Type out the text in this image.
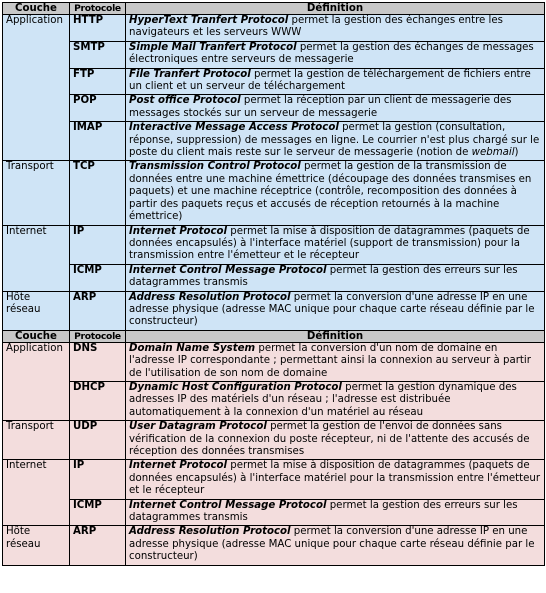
Couche	Protocole	Définition
Application	HTTP	HyperText Tranfert Protocol permet la gestion des échanges entre les navigateurs et les serveurs WWW
	SMTP	Simple Mail Tranfert Protocol permet la gestion des échanges de messages électroniques entre serveurs de messagerie
	FTP	File Tranfert Protocol permet la gestion de téléchargement de fichiers entre un client et un serveur de téléchargement
	POP	Post office Protocol permet la réception par un client de messagerie des messages stockés sur un serveur de messagerie
	IMAP	Interactive Message Access Protocol permet la gestion (consultation, réponse, suppression) de messages en ligne. Le courrier n'est plus chargé sur le poste du client mais reste sur le serveur de messagerie (notion de webmail)
Transport	TCP	Transmission Control Protocol permet la gestion de la transmission de données entre une machine émettrice (découpage des données transmises en paquets) et une machine réceptrice (contrôle, recomposition des données à partir des paquets reçus et accusés de réception retournés à la machine émettrice)
Internet	IP	Internet Protocol permet la mise à disposition de datagrammes (paquets de données encapsulés) à l'interface matériel (support de transmission) pour la transmission entre l'émetteur et le récepteur
	ICMP	Internet Control Message Protocol permet la gestion des erreurs sur les datagrammes transmis
Hôte réseau	ARP	Address Resolution Protocol permet la conversion d'une adresse IP en une adresse physique (adresse MAC unique pour chaque carte réseau définie par le constructeur)
Couche	Protocole	Définition
Application	DNS	Domain Name System permet la conversion d'un nom de domaine en l'adresse IP correspondante ; permettant ainsi la connexion au serveur à partir de l'utilisation de son nom de domaine
	DHCP	Dynamic Host Configuration Protocol permet la gestion dynamique des adresses IP des matériels d'un réseau ; l'adresse est distribuée automatiquement à la connexion d'un matériel au réseau
Transport	UDP	User Datagram Protocol permet la gestion de l'envoi de données sans vérification de la connexion du poste récepteur, ni de l'attente des accusés de réception des données transmises
Internet	IP	Internet Protocol permet la mise à disposition de datagrammes (paquets de données encapsulés) à l'interface matériel pour la transmission entre l'émetteur et le récepteur
	ICMP	Internet Control Message Protocol permet la gestion des erreurs sur les datagrammes transmis
Hôte réseau	ARP	Address Resolution Protocol permet la conversion d'une adresse IP en une adresse physique (adresse MAC unique pour chaque carte réseau définie par le constructeur)
